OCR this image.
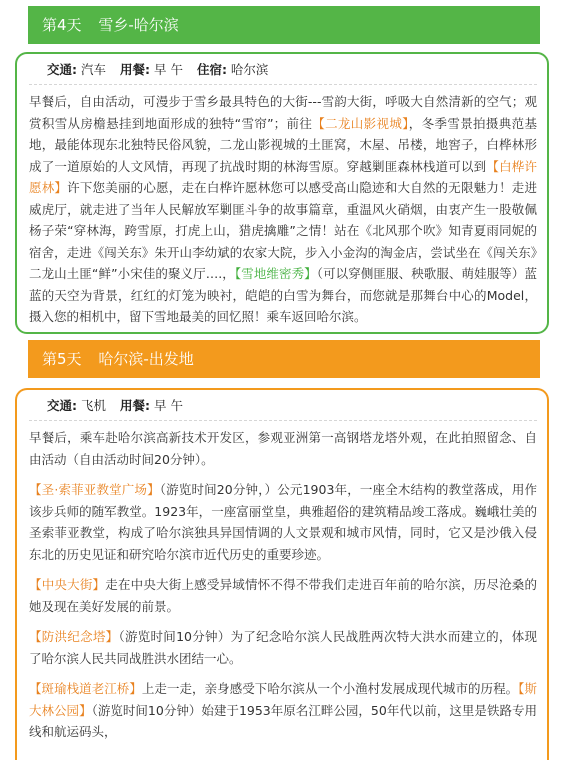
第4天 雪乡-哈尔滨
交通: 汽车 用餐: 早 午 住宿: 哈尔滨

早餐后，自由活动，可漫步于雪乡最具特色的大街---雪韵大街，呼吸大自然清新的空气；观赏积雪从房檐悬挂到地面形成的独特“雪帘”；前往【二龙山影视城】，冬季雪景拍摄典范基地，最能体现东北独特民俗风貌，二龙山影视城的土匪窝，木屋、吊楼，地窖子，白桦林形成了一道原始的人文风情，再现了抗战时期的林海雪原。穿越剿匪森林栈道可以到【白桦许愿林】许下您美丽的心愿，走在白桦许愿林您可以感受高山隐迹和大自然的无限魅力！走进威虎厅，就走进了当年人民解放军剿匪斗争的故事篇章，重温风火硝烟，由衷产生一股敬佩杨子荣“穿林海，跨雪原，打虎上山，猎虎擒雕”之情！站在《北风那个吹》知青夏雨同妮的宿舍，走进《闯关东》朱开山李幼斌的农家大院，步入小金沟的淘金店，尝试坐在《闯关东》二龙山土匪“鲜”小宋佳的聚义厅….，【雪地维密秀】（可以穿侧匪服、秧歌服、萌娃服等）蓝蓝的天空为背景，红红的灯笼为映衬，皑皑的白雪为舞台，而您就是那舞台中心的Model，摄入您的相机中，留下雪地最美的回忆照！乘车返回哈尔滨。

第5天 哈尔滨-出发地
交通: 飞机 用餐: 早 午

早餐后，乘车赴哈尔滨高新技术开发区，参观亚洲第一高钢塔龙塔外观，在此拍照留念、自由活动（自由活动时间20分钟）。

【圣·索菲亚教堂广场】（游览时间20分钟，）公元1903年，一座全木结构的教堂落成，用作该步兵师的随军教堂。1923年，一座富丽堂皇，典雅超俗的建筑精品竣工落成。巍峨壮美的圣索菲亚教堂，构成了哈尔滨独具异国情调的人文景观和城市风情，同时，它又是沙俄入侵东北的历史见证和研究哈尔滨市近代历史的重要珍迹。

【中央大街】走在中央大街上感受异域情怀不得不带我们走进百年前的哈尔滨，历尽沧桑的她及现在美好发展的前景。

【防洪纪念塔】（游览时间10分钟）为了纪念哈尔滨人民战胜两次特大洪水而建立的，体现了哈尔滨人民共同战胜洪水团结一心。

【斑瑜栈道老江桥】上走一走，亲身感受下哈尔滨从一个小渔村发展成现代城市的历程。【斯大林公园】（游览时间10分钟）始建于1953年原名江畔公园，50年代以前，这里是铁路专用线和航运码头，
